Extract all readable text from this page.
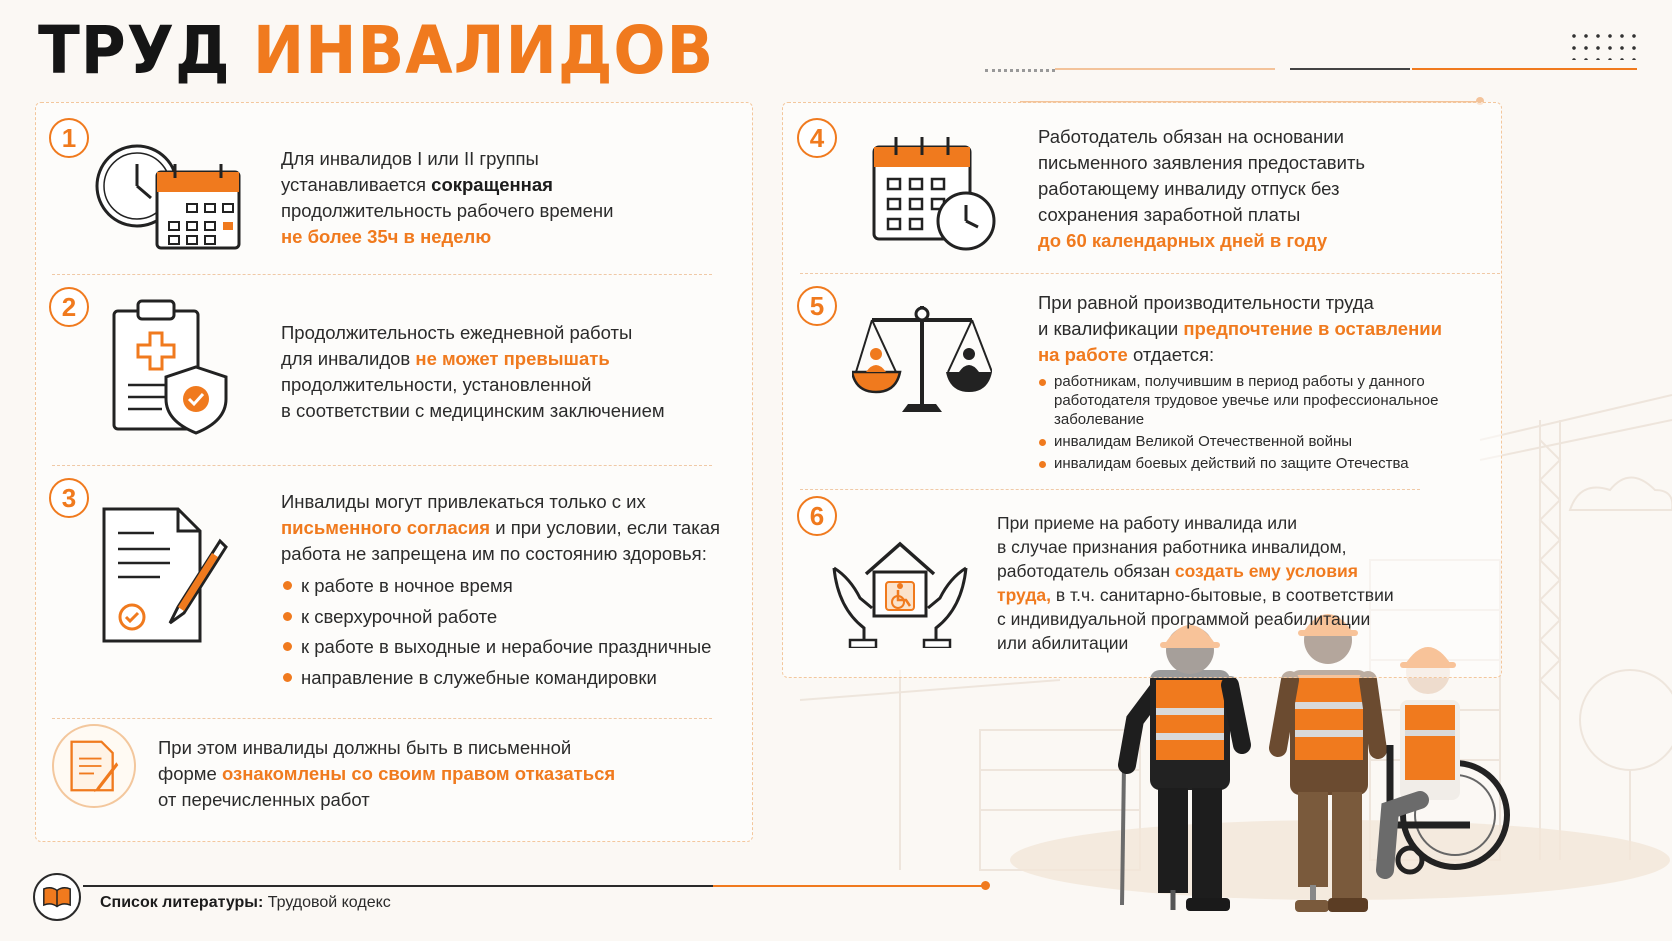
ТРУД ИНВАЛИДОВ
1
Для инвалидов I или II группы
устанавливается сокращенная
продолжительность рабочего времени
не более 35ч в неделю
2
Продолжительность ежедневной работы
для инвалидов не может превышать
продолжительности, установленной
в соответствии с медицинским заключением
3	Инвалиды могут привлекаться только с их
письменного согласия и при условии, если такая
работа не запрещена им по состоянию здоровья:
к работе в ночное время
к сверхурочной работе
к работе в выходные и нерабочие праздничные
направление в служебные командировки
При этом инвалиды должны быть в письменной
форме ознакомлены со своим правом отказаться
от перечисленных работ
4	Работодатель обязан на основании
письменного заявления предоставить
работающему инвалиду отпуск без
сохранения заработной платы
до 60 календарных дней в году
5	При равной производительности труда
и квалификации предпочтение в оставлении
на работе отдается:
работникам, получившим в период работы у данного работодателя трудовое увечье или профессиональное заболевание
инвалидам Великой Отечественной войны
инвалидам боевых действий по защите Отечества
6	При приеме на работу инвалида или
в случае признания работника инвалидом,
работодатель обязан создать ему условия
труда, в т.ч. санитарно-бытовые, в соответствии
с индивидуальной программой реабилитации
или абилитации
Список литературы: Трудовой кодекс
